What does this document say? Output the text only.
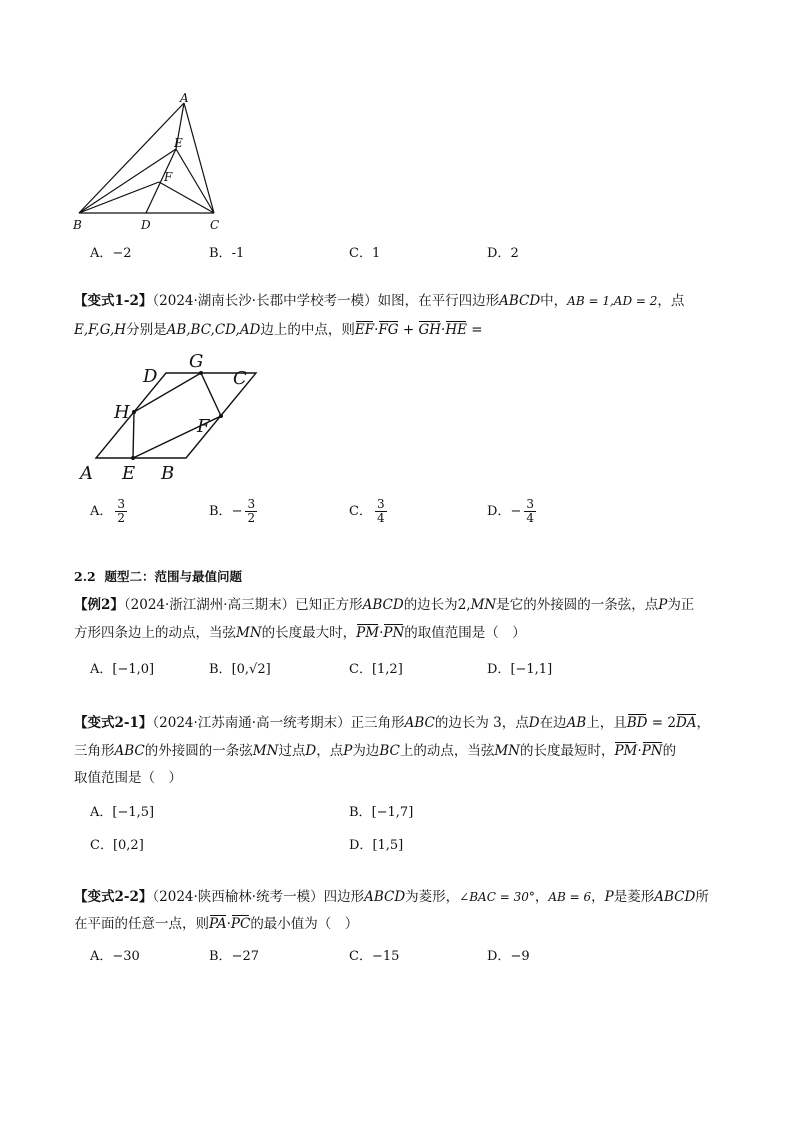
A
E
F
B	D	C
A．−2	B．-1	C．1	D．2
【变式1-2】（2024·湖南长沙·长郡中学校考一模）如图，在平行四边形ABCD中，AB = 1,AD = 2，点
E,F,G,H分别是AB,BC,CD,AD边上的中点，则EF·FG + GH·HE =
D
G
C
H
F
A E B
A． $\frac{3}{2}$	B．− $\frac{3}{2}$	C． $\frac{3}{4}$	D．− $\frac{3}{4}$
2.2 题型二：范围与最值问题
【例2】（2024·浙江湖州·高三期末）已知正方形ABCD的边长为2,MN是它的外接圆的一条弦，点P为正
方形四条边上的动点，当弦MN的长度最大时，PM·PN的取值范围是（　）
A．[−1,0]	B．[0,√2]	C．[1,2]	D．[−1,1]
【变式2-1】（2024·江苏南通·高一统考期末）正三角形ABC的边长为 3，点D在边AB上，且BD = 2DA，
三角形ABC的外接圆的一条弦MN过点D，点P为边BC上的动点，当弦MN的长度最短时，PM·PN的
取值范围是（　）
A．[−1,5]	B．[−1,7]
C．[0,2]	D．[1,5]
【变式2-2】（2024·陕西榆林·统考一模）四边形ABCD为菱形，∠BAC = 30°，AB = 6，P是菱形ABCD所
在平面的任意一点，则PA·PC的最小值为（　）
A．−30	B．−27	C．−15	D．−9
